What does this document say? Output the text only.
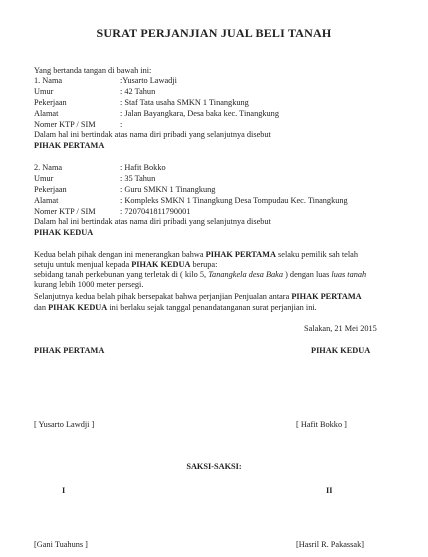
SURAT PERJANJIAN JUAL BELI TANAH
Yang bertanda tangan di bawah ini:
1. Nama	:Yusarto Lawadji
Umur	: 42 Tahun
Pekerjaan	: Staf Tata usaha SMKN 1 Tinangkung
Alamat	: Jalan Bayangkara, Desa baka kec. Tinangkung
Nomer KTP / SIM	:
Dalam hal ini bertindak atas nama diri pribadi yang selanjutnya disebut
PIHAK PERTAMA
2. Nama	: Hafit Bokko
Umur	: 35 Tahun
Pekerjaan	: Guru SMKN 1 Tinangkung
Alamat	: Kompleks SMKN 1 Tinangkung Desa Tompudau Kec. Tinangkung
Nomer KTP / SIM	: 7207041811790001
Dalam hal ini bertindak atas nama diri pribadi yang selanjutnya disebut
PIHAK KEDUA
Kedua belah pihak dengan ini menerangkan bahwa PIHAK PERTAMA selaku pemilik sah telah
setuju untuk menjual kepada PIHAK KEDUA berupa:
sebidang tanah perkebunan yang terletak di ( kilo 5, Tanangkela desa Baka ) dengan luas luas tanah
kurang lebih 1000 meter persegi.
Selanjutnya kedua belah pihak bersepakat bahwa perjanjian Penjualan antara PIHAK PERTAMA
dan PIHAK KEDUA ini berlaku sejak tanggal penandatanganan surat perjanjian ini.
Salakan, 21 Mei 2015
PIHAK PERTAMA	PIHAK KEDUA
[ Yusarto Lawdji ]	[ Hafit Bokko ]
SAKSI-SAKSI:
I	II
[Gani Tuahuns ]	[Hasril R. Pakassak]
